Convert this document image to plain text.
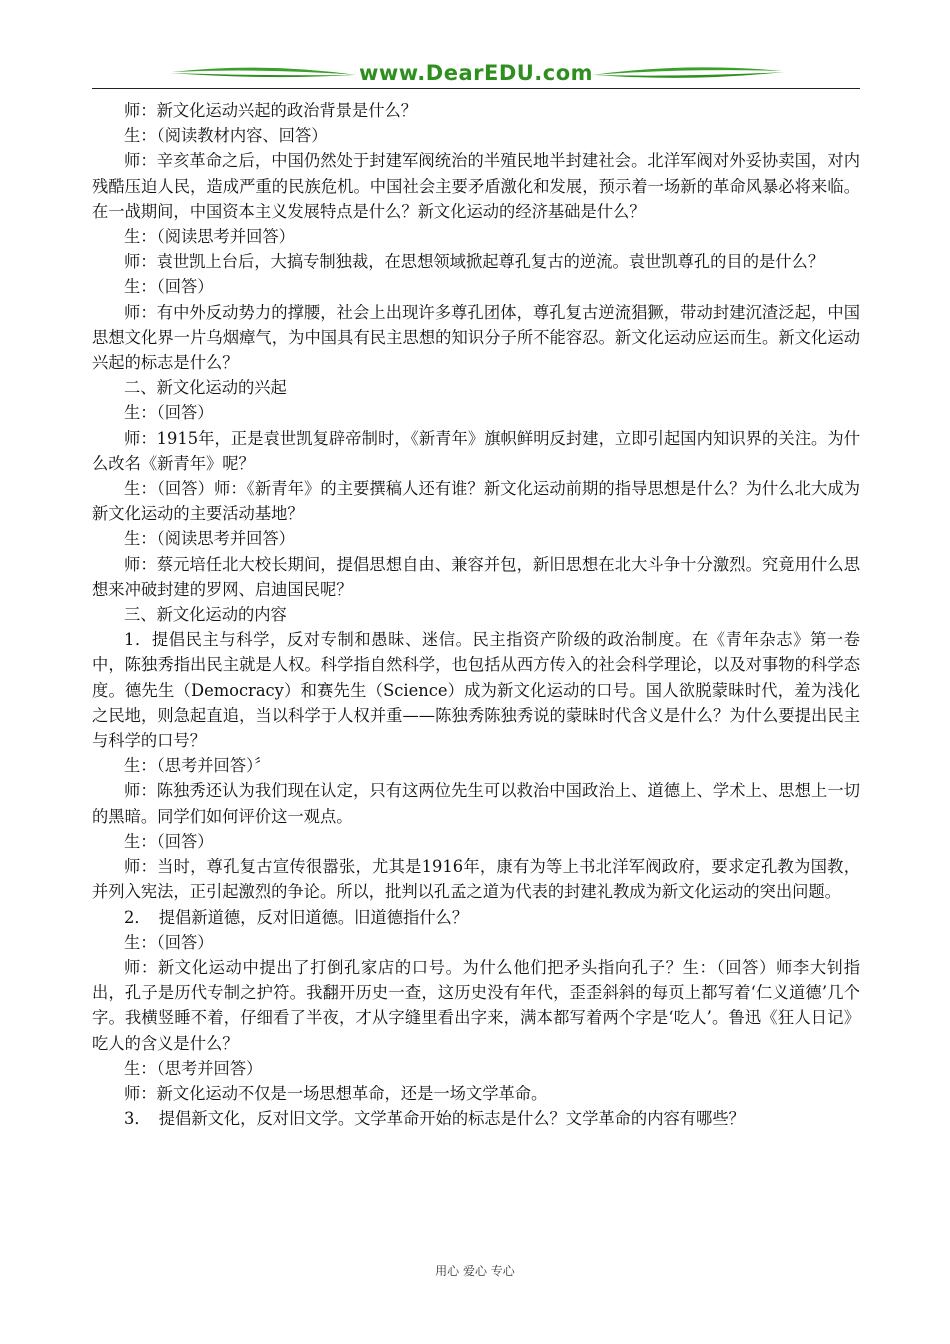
www.DearEDU.com

师：新文化运动兴起的政治背景是什么？

生：（阅读教材内容、回答）

师：辛亥革命之后，中国仍然处于封建军阀统治的半殖民地半封建社会。北洋军阀对外妥协卖国，对内残酷压迫人民，造成严重的民族危机。中国社会主要矛盾激化和发展，预示着一场新的革命风暴必将来临。在一战期间，中国资本主义发展特点是什么？新文化运动的经济基础是什么？

生：（阅读思考并回答）

师：袁世凯上台后，大搞专制独裁，在思想领域掀起尊孔复古的逆流。袁世凯尊孔的目的是什么？

生：（回答）

师：有中外反动势力的撑腰，社会上出现许多尊孔团体，尊孔复古逆流猖獗，带动封建沉渣泛起，中国思想文化界一片乌烟瘴气，为中国具有民主思想的知识分子所不能容忍。新文化运动应运而生。新文化运动兴起的标志是什么？

二、新文化运动的兴起

生：（回答）

师：1915年，正是袁世凯复辟帝制时，《新青年》旗帜鲜明反封建，立即引起国内知识界的关注。为什么改名《新青年》呢？

生：（回答）师：《新青年》的主要撰稿人还有谁？新文化运动前期的指导思想是什么？为什么北大成为新文化运动的主要活动基地？

生：（阅读思考并回答）

师：蔡元培任北大校长期间，提倡思想自由、兼容并包，新旧思想在北大斗争十分激烈。究竟用什么思想来冲破封建的罗网、启迪国民呢？

三、新文化运动的内容

1．提倡民主与科学，反对专制和愚昧、迷信。民主指资产阶级的政治制度。在《青年杂志》第一卷中，陈独秀指出民主就是人权。科学指自然科学，也包括从西方传入的社会科学理论，以及对事物的科学态度。德先生（Democracy）和赛先生（Science）成为新文化运动的口号。国人欲脱蒙昧时代，羞为浅化之民地，则急起直追，当以科学于人权并重——陈独秀陈独秀说的蒙昧时代含义是什么？为什么要提出民主与科学的口号？

生：（思考并回答）〞

师：陈独秀还认为我们现在认定，只有这两位先生可以救治中国政治上、道德上、学术上、思想上一切的黑暗。同学们如何评价这一观点。

生：（回答）

师：当时，尊孔复古宣传很嚣张，尤其是1916年，康有为等上书北洋军阀政府，要求定孔教为国教，并列入宪法，正引起激烈的争论。所以，批判以孔孟之道为代表的封建礼教成为新文化运动的突出问题。

2．　提倡新道德，反对旧道德。旧道德指什么？

生：（回答）

师：新文化运动中提出了打倒孔家店的口号。为什么他们把矛头指向孔子？生：（回答）师李大钊指出，孔子是历代专制之护符。我翻开历史一查，这历史没有年代，歪歪斜斜的每页上都写着‘仁义道德’几个字。我横竖睡不着，仔细看了半夜，才从字缝里看出字来，满本都写着两个字是‘吃人’。鲁迅《狂人日记》吃人的含义是什么？

生：（思考并回答）

师：新文化运动不仅是一场思想革命，还是一场文学革命。

3．　提倡新文化，反对旧文学。文学革命开始的标志是什么？文学革命的内容有哪些？

用心 爱心 专心
